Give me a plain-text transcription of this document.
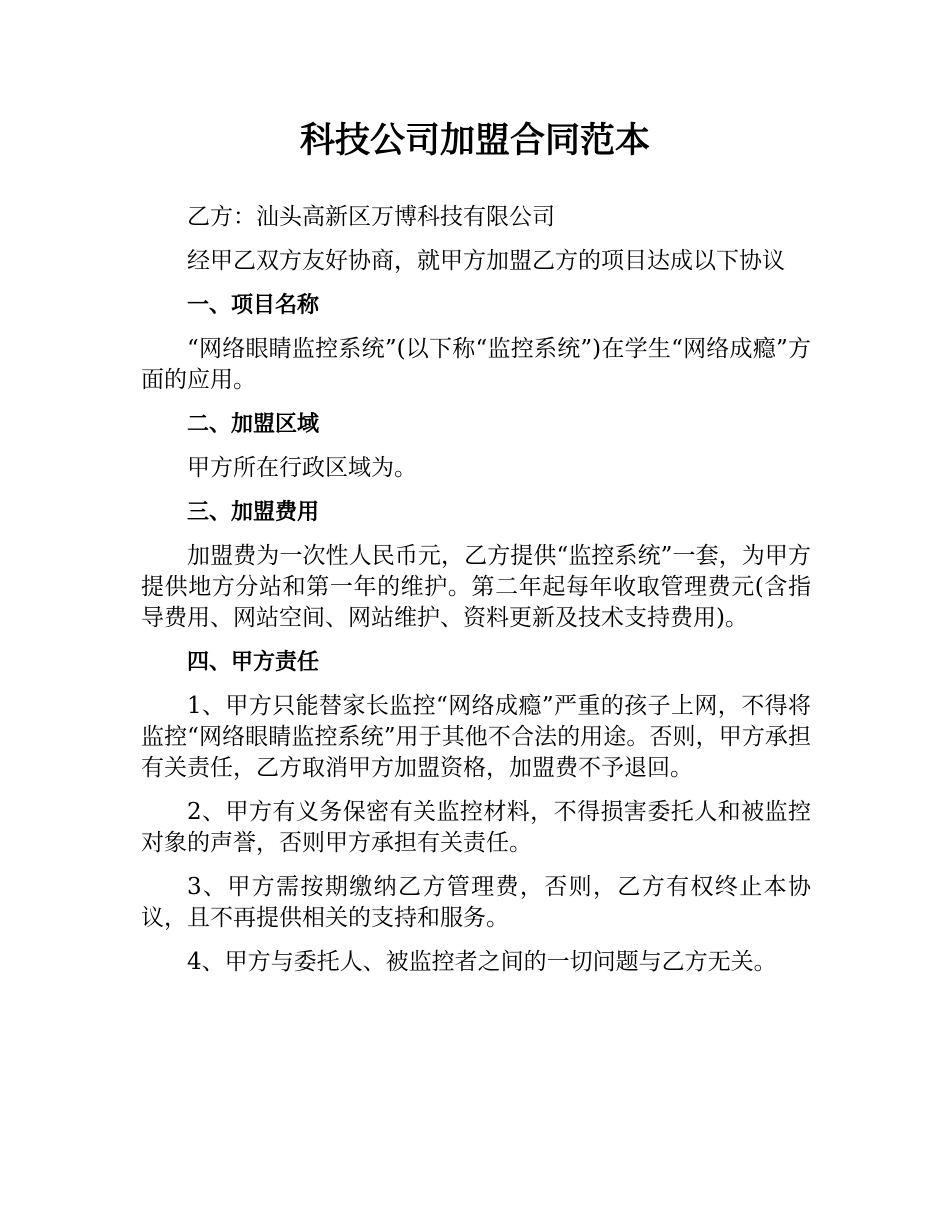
科技公司加盟合同范本

乙方：汕头高新区万博科技有限公司

经甲乙双方友好协商，就甲方加盟乙方的项目达成以下协议

一、项目名称

“网络眼睛监控系统”(以下称“监控系统”)在学生“网络成瘾”方面的应用。

二、加盟区域

甲方所在行政区域为。

三、加盟费用

加盟费为一次性人民币元，乙方提供“监控系统”一套，为甲方提供地方分站和第一年的维护。第二年起每年收取管理费元(含指导费用、网站空间、网站维护、资料更新及技术支持费用)。

四、甲方责任

1、甲方只能替家长监控“网络成瘾”严重的孩子上网，不得将监控“网络眼睛监控系统”用于其他不合法的用途。否则，甲方承担有关责任，乙方取消甲方加盟资格，加盟费不予退回。

2、甲方有义务保密有关监控材料，不得损害委托人和被监控对象的声誉，否则甲方承担有关责任。

3、甲方需按期缴纳乙方管理费，否则，乙方有权终止本协议，且不再提供相关的支持和服务。

4、甲方与委托人、被监控者之间的一切问题与乙方无关。
